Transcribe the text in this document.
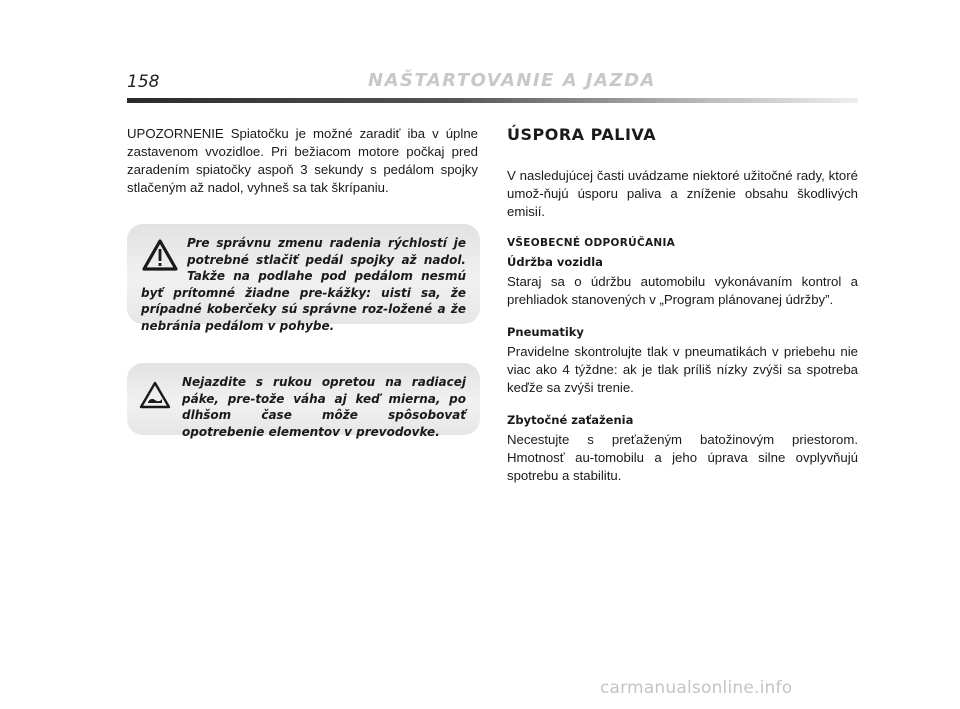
158	NAŠTARTOVANIE A JAZDA

UPOZORNENIE Spiatočku je možné zaradiť iba v úplne zastavenom vvozidloe. Pri bežiacom motore počkaj pred zaradením spiatočky aspoň 3 sekundy s pedálom spojky stlačeným až nadol, vyhneš sa tak škrípaniu.

Pre správnu zmenu radenia rýchlostí je potrebné stlačiť pedál spojky až nadol. Takže na podlahe pod pedálom nesmú byť prítomné žiadne pre-kážky: uisti sa, že prípadné koberčeky sú správne roz-ložené a že nebránia pedálom v pohybe.

Nejazdite s rukou opretou na radiacej páke, pre-tože váha aj keď mierna, po dlhšom čase môže spôsobovať opotrebenie elementov v prevodovke.

ÚSPORA PALIVA

V nasledujúcej časti uvádzame niektoré užitočné rady, ktoré umož-ňujú úsporu paliva a zníženie obsahu škodlivých emisií.

VŠEOBECNÉ ODPORÚČANIA
Údržba vozidla

Staraj sa o údržbu automobilu vykonávaním kontrol a prehliadok stanovených v „Program plánovanej údržby”.

Pneumatiky

Pravidelne skontrolujte tlak v pneumatikách v priebehu nie viac ako 4 týždne: ak je tlak príliš nízky zvýši sa spotreba keďže sa zvýši trenie.

Zbytočné zaťaženia

Necestujte s preťaženým batožinovým priestorom. Hmotnosť au-tomobilu a jeho úprava silne ovplyvňujú spotrebu a stabilitu.

carmanualsonline.info
